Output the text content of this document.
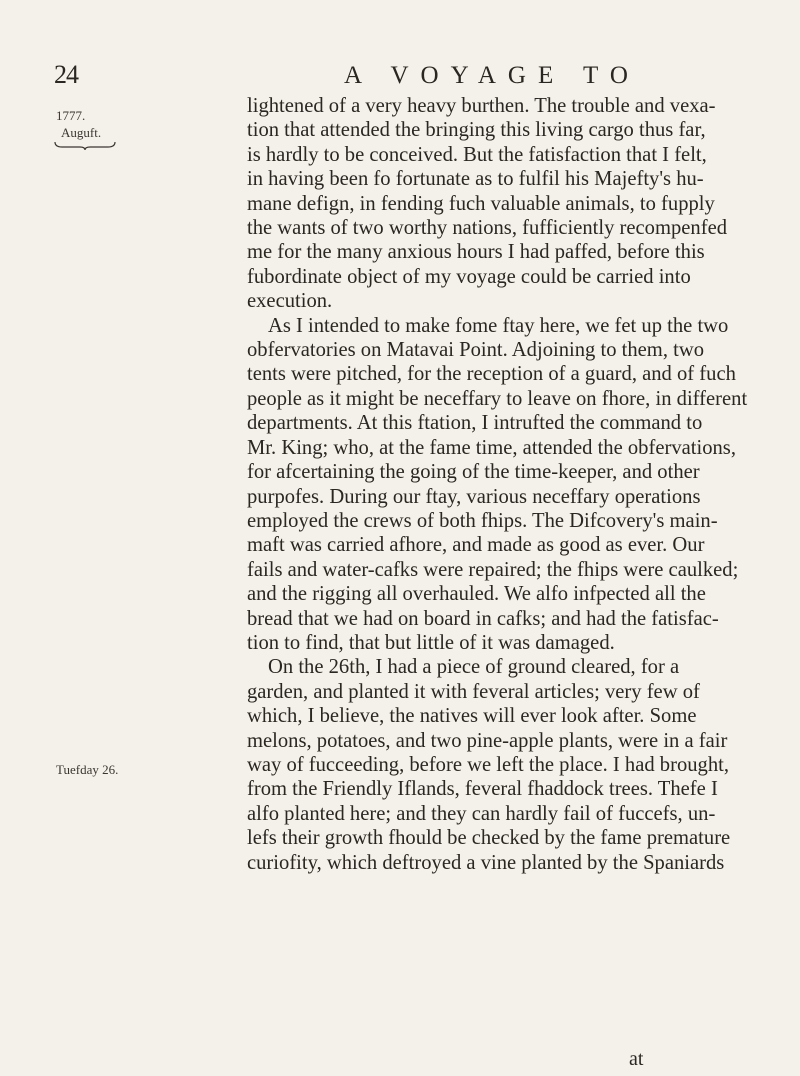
24	A VOYAGE TO
1777.
Auguft.
Tuefday 26.
lightened of a very heavy burthen. The trouble and vexa-
tion that attended the bringing this living cargo thus far,
is hardly to be conceived. But the fatisfaction that I felt,
in having been fo fortunate as to fulfil his Majefty's hu-
mane defign, in fending fuch valuable animals, to fupply
the wants of two worthy nations, fufficiently recompenfed
me for the many anxious hours I had paffed, before this
fubordinate object of my voyage could be carried into
execution.
As I intended to make fome ftay here, we fet up the two
obfervatories on Matavai Point. Adjoining to them, two
tents were pitched, for the reception of a guard, and of fuch
people as it might be neceffary to leave on fhore, in different
departments. At this ftation, I intrufted the command to
Mr. King; who, at the fame time, attended the obfervations,
for afcertaining the going of the time-keeper, and other
purpofes. During our ftay, various neceffary operations
employed the crews of both fhips. The Difcovery's main-
maft was carried afhore, and made as good as ever. Our
fails and water-cafks were repaired; the fhips were caulked;
and the rigging all overhauled. We alfo infpected all the
bread that we had on board in cafks; and had the fatisfac-
tion to find, that but little of it was damaged.
On the 26th, I had a piece of ground cleared, for a
garden, and planted it with feveral articles; very few of
which, I believe, the natives will ever look after. Some
melons, potatoes, and two pine-apple plants, were in a fair
way of fucceeding, before we left the place. I had brought,
from the Friendly Iflands, feveral fhaddock trees. Thefe I
alfo planted here; and they can hardly fail of fuccefs, un-
lefs their growth fhould be checked by the fame premature
curiofity, which deftroyed a vine planted by the Spaniards
at
